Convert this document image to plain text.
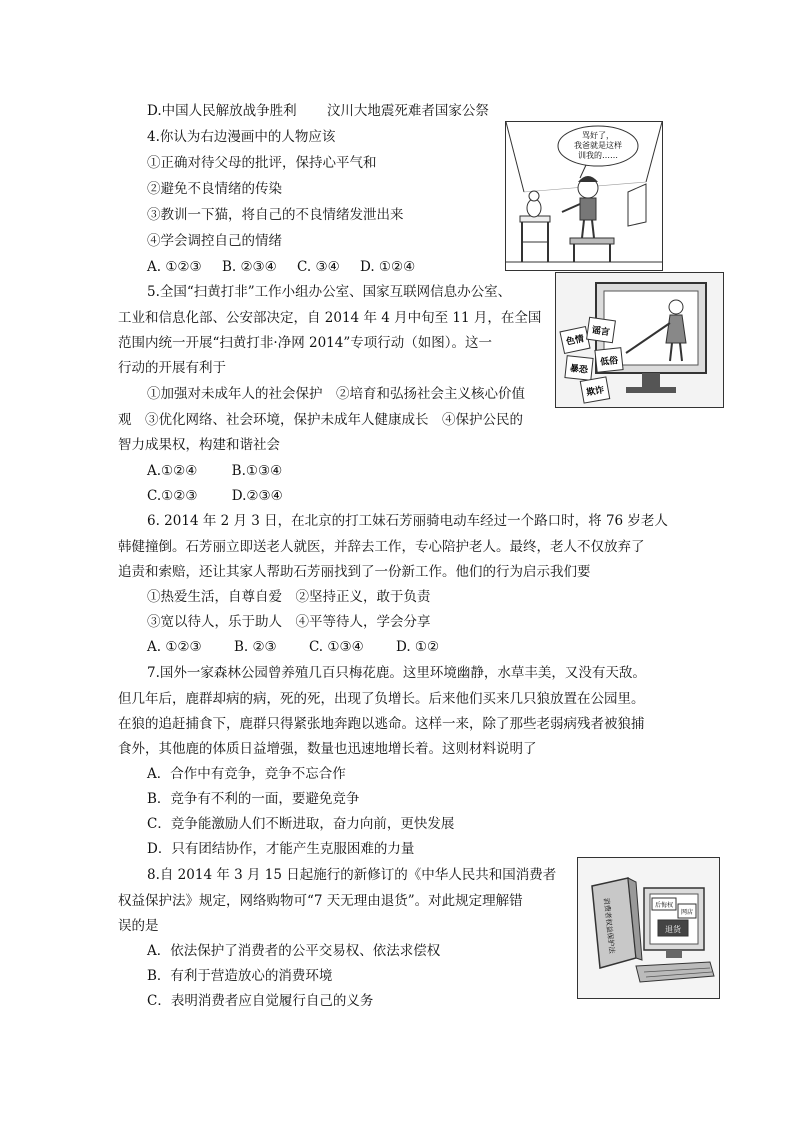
D.中国人民解放战争胜利 汶川大地震死难者国家公祭
4.你认为右边漫画中的人物应该
①正确对待父母的批评，保持心平气和
②避免不良情绪的传染
③教训一下猫，将自己的不良情绪发泄出来
④学会调控自己的情绪
A. ①②③ B. ②③④ C. ③④ D. ①②④
骂好了，
我爸就是这样
训我的……
5.全国“扫黄打非”工作小组办公室、国家互联网信息办公室、
工业和信息化部、公安部决定，自 2014 年 4 月中旬至 11 月，在全国
范围内统一开展“扫黄打非·净网 2014”专项行动（如图）。这一
行动的开展有利于
①加强对未成年人的社会保护　②培育和弘扬社会主义核心价值
观　③优化网络、社会环境，保护未成年人健康成长　④保护公民的
智力成果权，构建和谐社会
A.①②④	B.①③④
C.①②③	D.②③④
色情
谣言
暴恐
低俗
欺诈
6. 2014 年 2 月 3 日，在北京的打工妹石芳丽骑电动车经过一个路口时，将 76 岁老人
韩健撞倒。石芳丽立即送老人就医，并辞去工作，专心陪护老人。最终，老人不仅放弃了
追责和索赔，还让其家人帮助石芳丽找到了一份新工作。他们的行为启示我们要
①热爱生活，自尊自爱　②坚持正义，敢于负责
③宽以待人，乐于助人　④平等待人，学会分享
A. ①②③ B. ②③ C. ①③④ D. ①②
7.国外一家森林公园曾养殖几百只梅花鹿。这里环境幽静，水草丰美，又没有天敌。
但几年后，鹿群却病的病，死的死，出现了负增长。后来他们买来几只狼放置在公园里。
在狼的追赶捕食下，鹿群只得紧张地奔跑以逃命。这样一来，除了那些老弱病残者被狼捕
食外，其他鹿的体质日益增强，数量也迅速地增长着。这则材料说明了
A．合作中有竞争，竞争不忘合作
B．竞争有不利的一面，要避免竞争
C．竞争能激励人们不断进取，奋力向前，更快发展
D．只有团结协作，才能产生克服困难的力量
8.自 2014 年 3 月 15 日起施行的新修订的《中华人民共和国消费者
权益保护法》规定，网络购物可“7 天无理由退货”。对此规定理解错
误的是
A．依法保护了消费者的公平交易权、依法求偿权
B．有利于营造放心的消费环境
C．表明消费者应自觉履行自己的义务
消费者权益保护法	后悔权
网店
退货
